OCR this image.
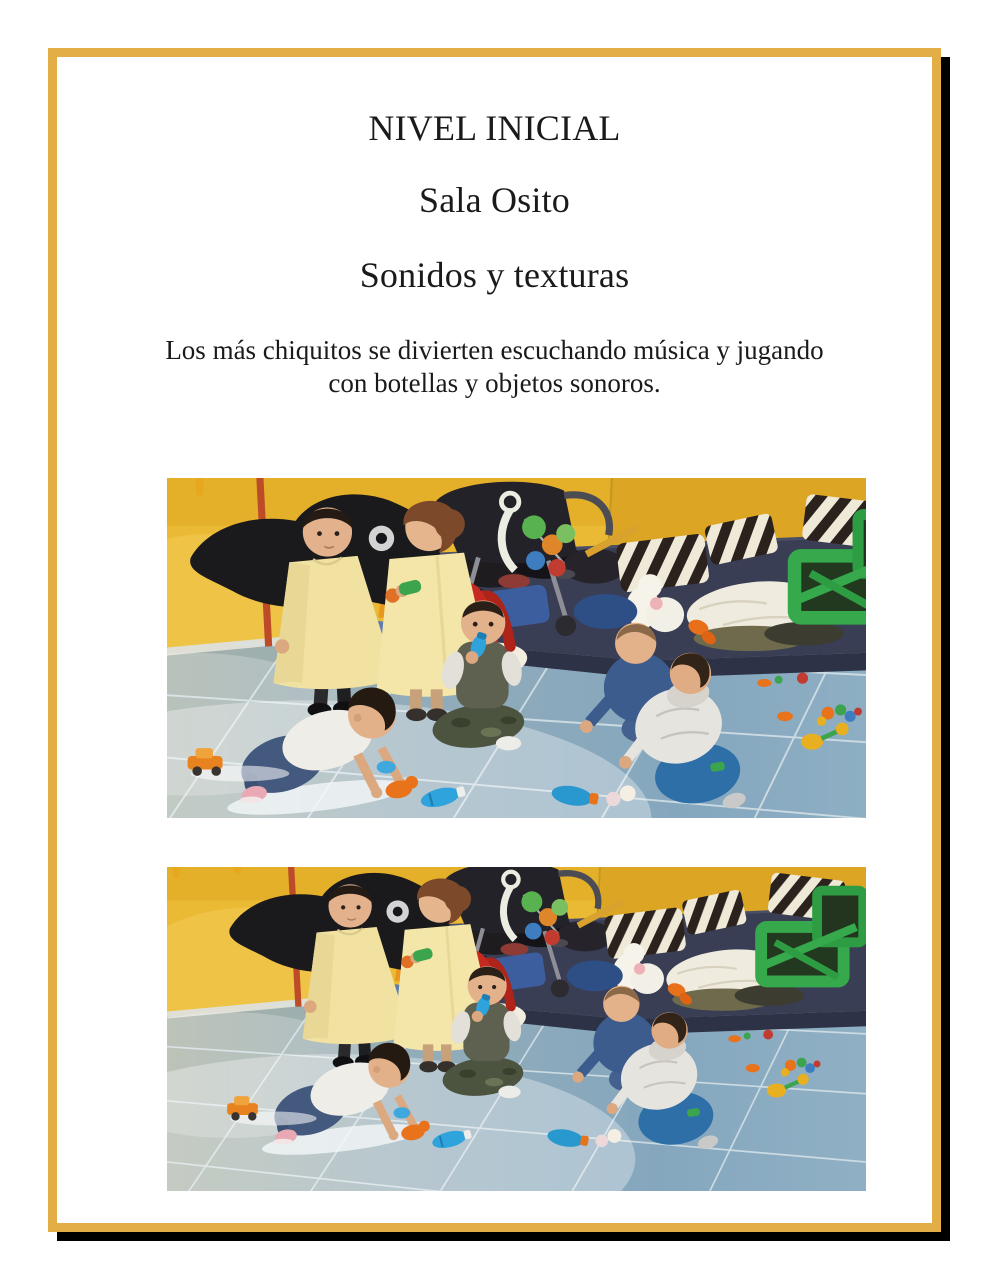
NIVEL INICIAL
Sala Osito
Sonidos y texturas

Los más chiquitos se divierten escuchando música y jugando
con botellas y objetos sonoros.
